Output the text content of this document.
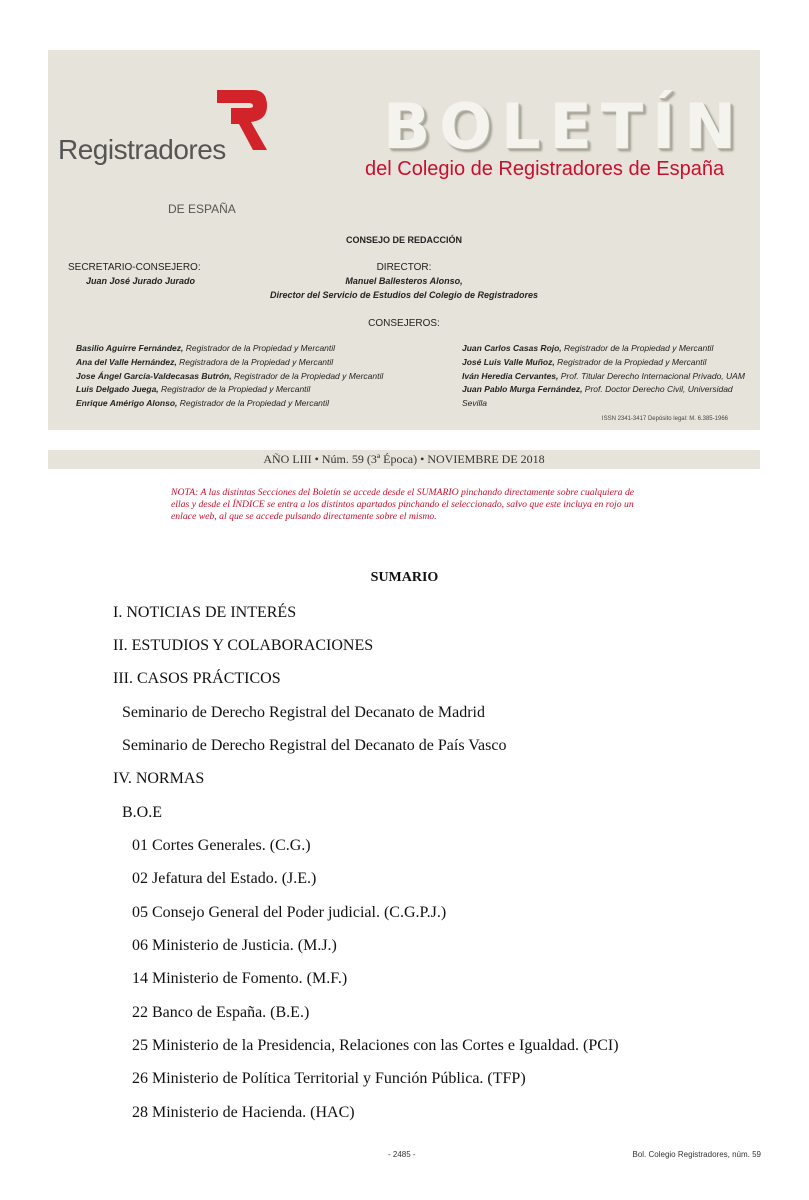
Registradores
DE ESPAÑA
BOLETÍN
del Colegio de Registradores de España
CONSEJO DE REDACCIÓN
SECRETARIO-CONSEJERO:
Juan José Jurado Jurado
DIRECTOR:
Manuel Ballesteros Alonso,
Director del Servicio de Estudios del Colegio de Registradores
CONSEJEROS:
Basilio Aguirre Fernández, Registrador de la Propiedad y Mercantil
Ana del Valle Hernández, Registradora de la Propiedad y Mercantil
Jose Ángel García-Valdecasas Butrón, Registrador de la Propiedad y Mercantil
Luis Delgado Juega, Registrador de la Propiedad y Mercantil
Enrique Amérigo Alonso, Registrador de la Propiedad y Mercantil
Juan Carlos Casas Rojo, Registrador de la Propiedad y Mercantil
José Luis Valle Muñoz, Registrador de la Propiedad y Mercantil
Iván Heredia Cervantes, Prof. Titular Derecho Internacional Privado, UAM
Juan Pablo Murga Fernández, Prof. Doctor Derecho Civil, Universidad Sevilla
ISSN 2341-3417 Depósito legal: M. 6.385-1966
AÑO LIII • Núm. 59 (3ª Época) • NOVIEMBRE DE 2018
NOTA: A las distintas Secciones del Boletín se accede desde el SUMARIO pinchando directamente sobre cualquiera de ellas y desde el ÍNDICE se entra a los distintos apartados pinchando el seleccionado, salvo que este incluya en rojo un enlace web, al que se accede pulsando directamente sobre el mismo.
SUMARIO
I. NOTICIAS DE INTERÉS
II. ESTUDIOS Y COLABORACIONES
III. CASOS PRÁCTICOS
Seminario de Derecho Registral del Decanato de Madrid
Seminario de Derecho Registral del Decanato de País Vasco
IV. NORMAS
B.O.E
01 Cortes Generales. (C.G.)
02 Jefatura del Estado. (J.E.)
05 Consejo General del Poder judicial. (C.G.P.J.)
06 Ministerio de Justicia. (M.J.)
14 Ministerio de Fomento. (M.F.)
22 Banco de España. (B.E.)
25 Ministerio de la Presidencia, Relaciones con las Cortes e Igualdad. (PCI)
26 Ministerio de Política Territorial y Función Pública. (TFP)
28 Ministerio de Hacienda. (HAC)
- 2485 -	Bol. Colegio Registradores, núm. 59
